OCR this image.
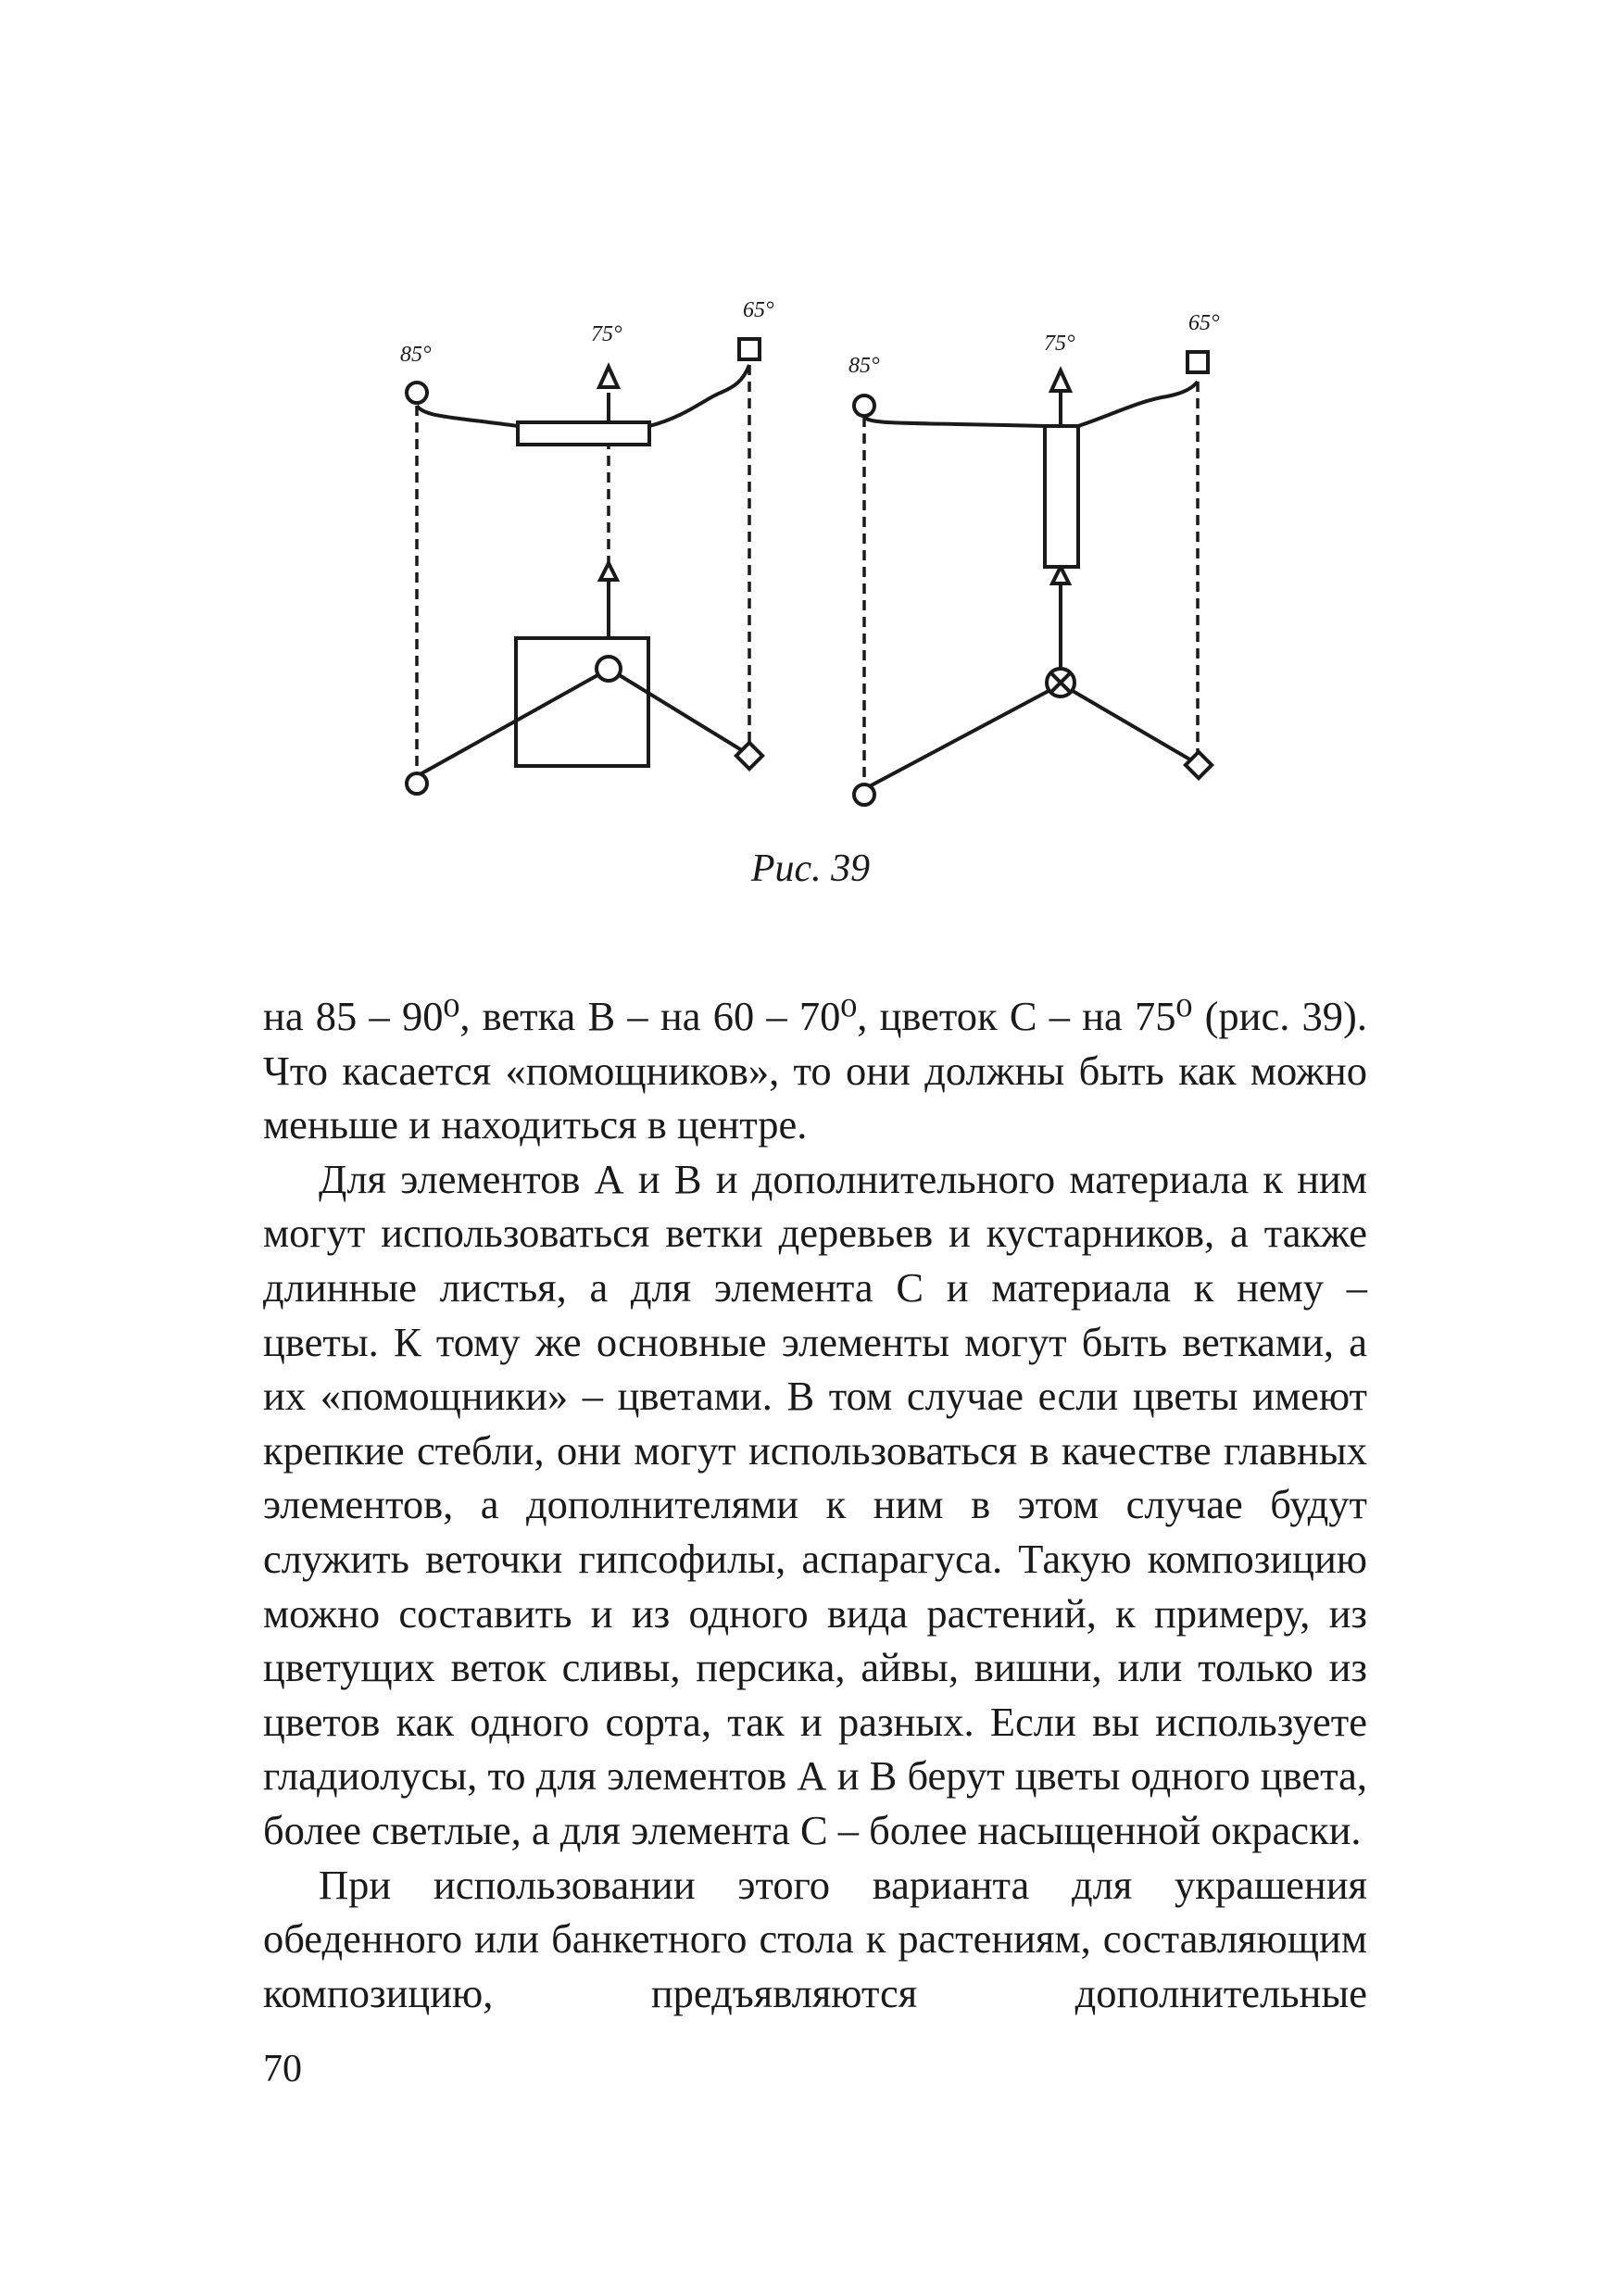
85°
75°
65°
85°
75°
65°
Рис. 39

на 85 – 90⁰, ветка В – на 60 – 70⁰, цветок С – на 75⁰ (рис. 39). Что касается «помощников», то они должны быть как можно меньше и находиться в центре.

Для элементов А и В и дополнительного материала к ним могут использоваться ветки деревьев и кустарников, а также длинные листья, а для элемента С и материала к нему – цветы. К тому же основные элементы могут быть ветками, а их «помощники» – цветами. В том случае если цветы имеют крепкие стебли, они могут использоваться в качестве главных элементов, а дополнителями к ним в этом случае будут служить веточки гипсофилы, аспарагуса. Такую композицию можно составить и из одного вида растений, к примеру, из цветущих веток сливы, персика, айвы, вишни, или только из цветов как одного сорта, так и разных. Если вы используете гладиолусы, то для элементов А и В берут цветы одного цвета, более светлые, а для элемента С – более насыщенной окраски.

При использовании этого варианта для украшения обеденного или банкетного стола к растениям, составляющим композицию, предъявляются дополнительные

70
